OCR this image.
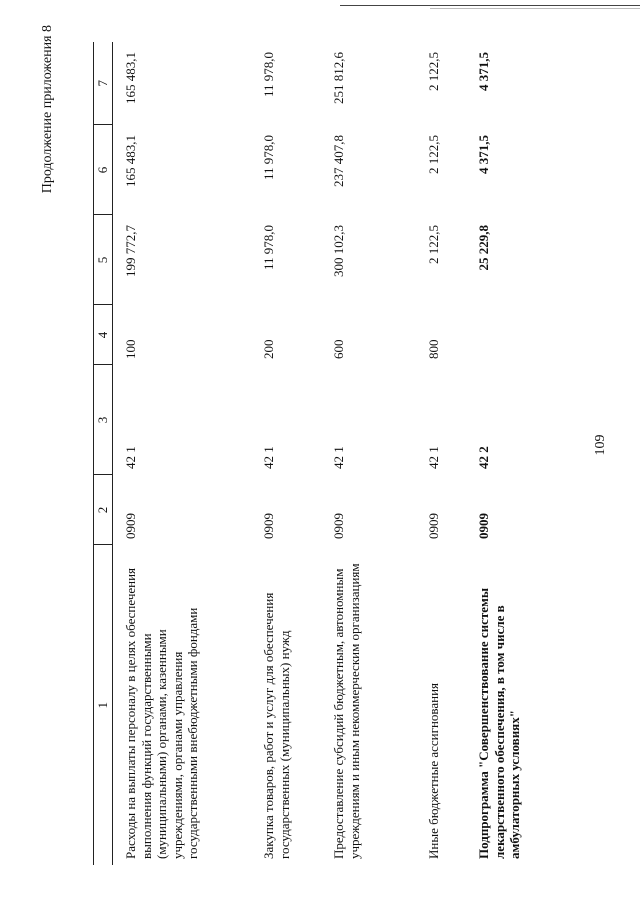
109
Продолжение приложения 8
1	2	3	4	5	6	7
Расходы на выплаты персоналу в целях обеспечения выполнения функций государственными (муниципальными) органами, казенными учреждениями, органами управления государственными внебюджетными фондами	0909	42 1	100	199 772,7	165 483,1	165 483,1
Закупка товаров, работ и услуг для обеспечения государственных (муниципальных) нужд	0909	42 1	200	11 978,0	11 978,0	11 978,0
Предоставление субсидий бюджетным, автономным учреждениям и иным некоммерческим организациям	0909	42 1	600	300 102,3	237 407,8	251 812,6
Иные бюджетные ассигнования	0909	42 1	800	2 122,5	2 122,5	2 122,5
Подпрограмма "Совершенствование системы лекарственного обеспечения, в том числе в амбулаторных условиях"	0909	42 2		25 229,8	4 371,5	4 371,5
